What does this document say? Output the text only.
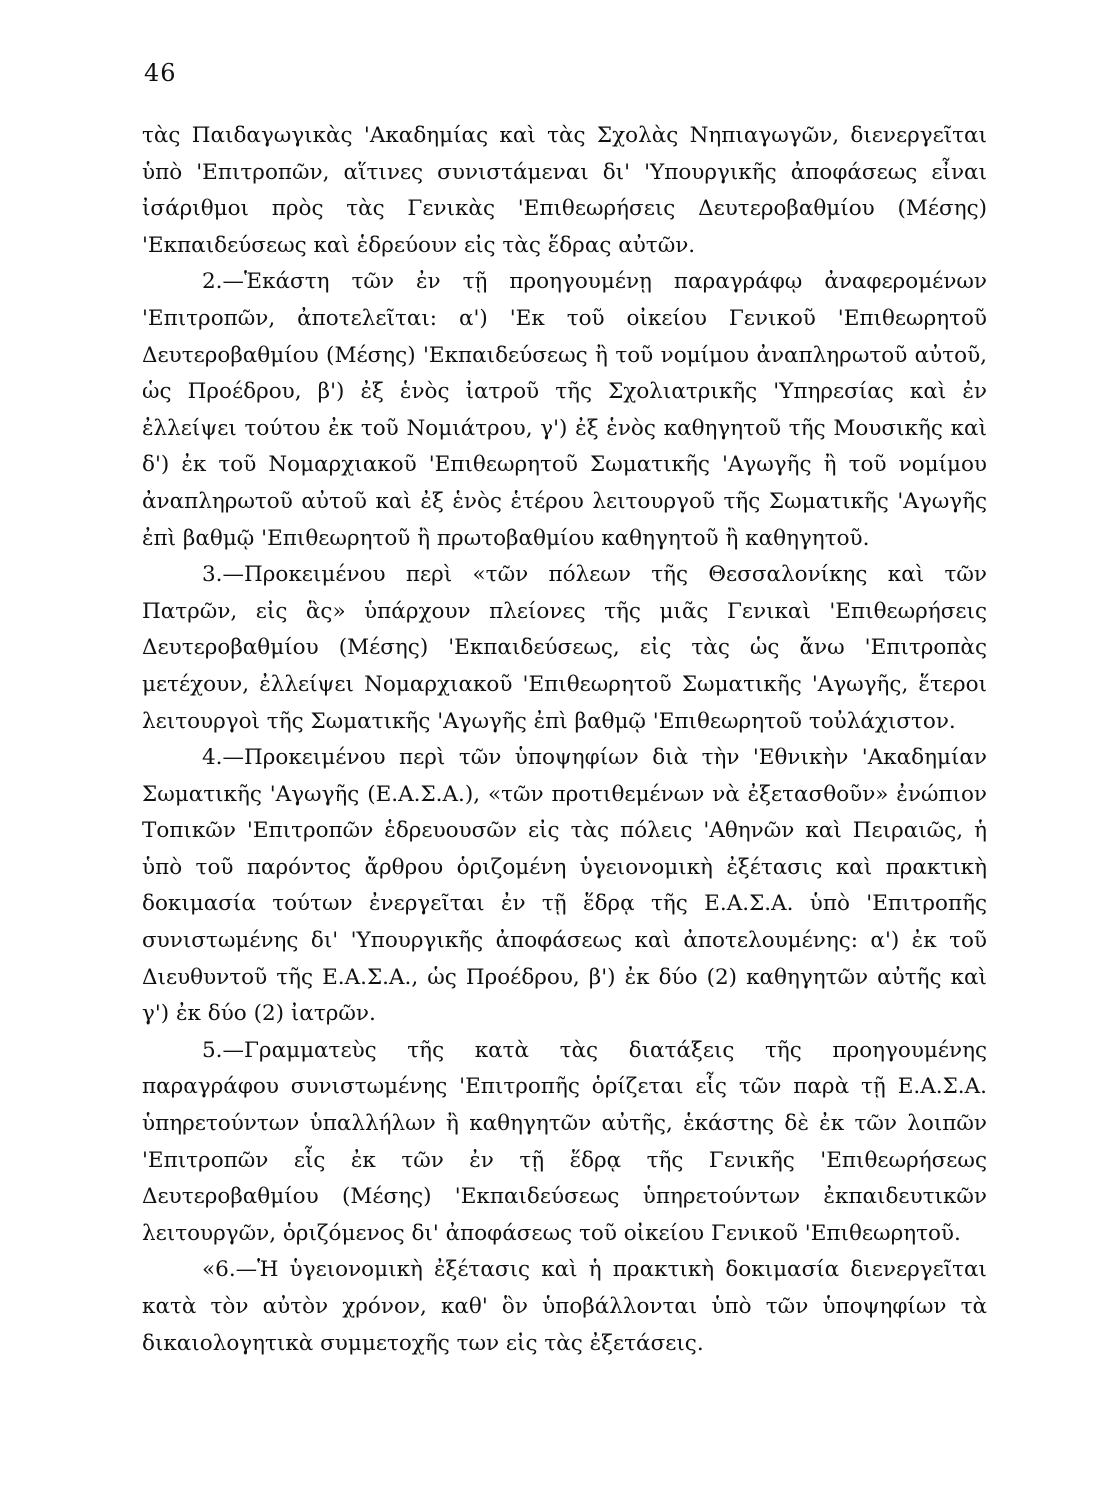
46

τὰς Παιδαγωγικὰς 'Ακαδημίας καὶ τὰς Σχολὰς Νηπιαγωγῶν, διενεργεῖται ὑπὸ 'Επιτροπῶν, αἵτινες συνιστάμεναι δι' 'Υπουργικῆς ἀποφάσεως εἶναι ἰσάριθμοι πρὸς τὰς Γενικὰς 'Επιθεωρήσεις Δευτεροβαθμίου (Μέσης) 'Εκπαιδεύσεως καὶ ἑδρεύουν εἰς τὰς ἕδρας αὐτῶν.

2.—Ἑκάστη τῶν ἐν τῇ προηγουμένῃ παραγράφῳ ἀναφερομένων 'Επιτροπῶν, ἀποτελεῖται: α') 'Εκ τοῦ οἰκείου Γενικοῦ 'Επιθεωρητοῦ Δευτεροβαθμίου (Μέσης) 'Εκπαιδεύσεως ἢ τοῦ νομίμου ἀναπληρωτοῦ αὐτοῦ, ὡς Προέδρου, β') ἐξ ἑνὸς ἰατροῦ τῆς Σχολιατρικῆς 'Υπηρεσίας καὶ ἐν ἐλλείψει τούτου ἐκ τοῦ Νομιάτρου, γ') ἐξ ἑνὸς καθηγητοῦ τῆς Μουσικῆς καὶ δ') ἐκ τοῦ Νομαρχιακοῦ 'Επιθεωρητοῦ Σωματικῆς 'Αγωγῆς ἢ τοῦ νομίμου ἀναπληρωτοῦ αὐτοῦ καὶ ἐξ ἑνὸς ἑτέρου λειτουργοῦ τῆς Σωματικῆς 'Αγωγῆς ἐπὶ βαθμῷ 'Επιθεωρητοῦ ἢ πρωτοβαθμίου καθηγητοῦ ἢ καθηγητοῦ.

3.—Προκειμένου περὶ «τῶν πόλεων τῆς Θεσσαλονίκης καὶ τῶν Πατρῶν, εἰς ἃς» ὑπάρχουν πλείονες τῆς μιᾶς Γενικαὶ 'Επιθεωρήσεις Δευτεροβαθμίου (Μέσης) 'Εκπαιδεύσεως, εἰς τὰς ὡς ἄνω 'Επιτροπὰς μετέχουν, ἐλλείψει Νομαρχιακοῦ 'Επιθεωρητοῦ Σωματικῆς 'Αγωγῆς, ἕτεροι λειτουργοὶ τῆς Σωματικῆς 'Αγωγῆς ἐπὶ βαθμῷ 'Επιθεωρητοῦ τοὐλάχιστον.

4.—Προκειμένου περὶ τῶν ὑποψηφίων διὰ τὴν 'Εθνικὴν 'Ακαδημίαν Σωματικῆς 'Αγωγῆς (Ε.Α.Σ.Α.), «τῶν προτιθεμένων νὰ ἐξετασθοῦν» ἐνώπιον Τοπικῶν 'Επιτροπῶν ἑδρευουσῶν εἰς τὰς πόλεις 'Αθηνῶν καὶ Πειραιῶς, ἡ ὑπὸ τοῦ παρόντος ἄρθρου ὁριζομένη ὑγειονομικὴ ἐξέτασις καὶ πρακτικὴ δοκιμασία τούτων ἐνεργεῖται ἐν τῇ ἕδρᾳ τῆς Ε.Α.Σ.Α. ὑπὸ 'Επιτροπῆς συνιστωμένης δι' 'Υπουργικῆς ἀποφάσεως καὶ ἀποτελουμένης: α') ἐκ τοῦ Διευθυντοῦ τῆς Ε.Α.Σ.Α., ὡς Προέδρου, β') ἐκ δύο (2) καθηγητῶν αὐτῆς καὶ γ') ἐκ δύο (2) ἰατρῶν.

5.—Γραμματεὺς τῆς κατὰ τὰς διατάξεις τῆς προηγουμένης παραγράφου συνιστωμένης 'Επιτροπῆς ὁρίζεται εἷς τῶν παρὰ τῇ Ε.Α.Σ.Α. ὑπηρετούντων ὑπαλλήλων ἢ καθηγητῶν αὐτῆς, ἑκάστης δὲ ἐκ τῶν λοιπῶν 'Επιτροπῶν εἷς ἐκ τῶν ἐν τῇ ἕδρᾳ τῆς Γενικῆς 'Επιθεωρήσεως Δευτεροβαθμίου (Μέσης) 'Εκπαιδεύσεως ὑπηρετούντων ἐκπαιδευτικῶν λειτουργῶν, ὁριζόμενος δι' ἀποφάσεως τοῦ οἰκείου Γενικοῦ 'Επιθεωρητοῦ.

«6.—Ἡ ὑγειονομικὴ ἐξέτασις καὶ ἡ πρακτικὴ δοκιμασία διενεργεῖται κατὰ τὸν αὐτὸν χρόνον, καθ' ὃν ὑποβάλλονται ὑπὸ τῶν ὑποψηφίων τὰ δικαιολογητικὰ συμμετοχῆς των εἰς τὰς ἐξετάσεις.
